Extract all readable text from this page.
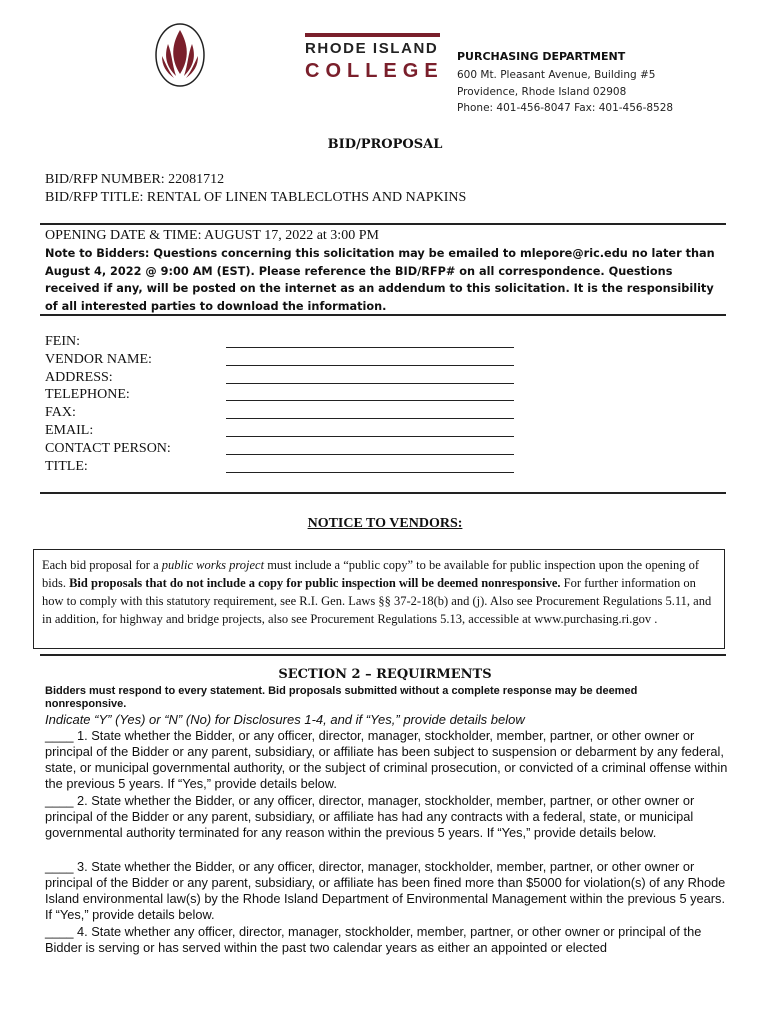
RHODE ISLAND
COLLEGE
PURCHASING DEPARTMENT
600 Mt. Pleasant Avenue, Building #5
Providence, Rhode Island 02908
Phone: 401-456-8047 Fax: 401-456-8528
BID/PROPOSAL
BID/RFP NUMBER: 22081712
BID/RFP TITLE: RENTAL OF LINEN TABLECLOTHS AND NAPKINS
OPENING DATE & TIME: AUGUST 17, 2022 at 3:00 PM
Note to Bidders: Questions concerning this solicitation may be emailed to mlepore@ric.edu no later than August 4, 2022 @ 9:00 AM (EST). Please reference the BID/RFP# on all correspondence. Questions received if any, will be posted on the internet as an addendum to this solicitation. It is the responsibility of all interested parties to download the information.
FEIN:
VENDOR NAME:
ADDRESS:
TELEPHONE:
FAX:
EMAIL:
CONTACT PERSON:
TITLE:
NOTICE TO VENDORS:
Each bid proposal for a public works project must include a “public copy” to be available for public inspection upon the opening of bids. Bid proposals that do not include a copy for public inspection will be deemed nonresponsive. For further information on how to comply with this statutory requirement, see R.I. Gen. Laws §§ 37-2-18(b) and (j). Also see Procurement Regulations 5.11, and in addition, for highway and bridge projects, also see Procurement Regulations 5.13, accessible at www.purchasing.ri.gov .
SECTION 2 – REQUIRMENTS
Bidders must respond to every statement. Bid proposals submitted without a complete response may be deemed nonresponsive.
Indicate “Y” (Yes) or “N” (No) for Disclosures 1-4, and if “Yes,” provide details below
____ 1. State whether the Bidder, or any officer, director, manager, stockholder, member, partner, or other owner or principal of the Bidder or any parent, subsidiary, or affiliate has been subject to suspension or debarment by any federal, state, or municipal governmental authority, or the subject of criminal prosecution, or convicted of a criminal offense within the previous 5 years. If “Yes,” provide details below.
____ 2. State whether the Bidder, or any officer, director, manager, stockholder, member, partner, or other owner or principal of the Bidder or any parent, subsidiary, or affiliate has had any contracts with a federal, state, or municipal governmental authority terminated for any reason within the previous 5 years. If “Yes,” provide details below.
____ 3. State whether the Bidder, or any officer, director, manager, stockholder, member, partner, or other owner or principal of the Bidder or any parent, subsidiary, or affiliate has been fined more than $5000 for violation(s) of any Rhode Island environmental law(s) by the Rhode Island Department of Environmental Management within the previous 5 years. If “Yes,” provide details below.
____ 4. State whether any officer, director, manager, stockholder, member, partner, or other owner or principal of the Bidder is serving or has served within the past two calendar years as either an appointed or elected
